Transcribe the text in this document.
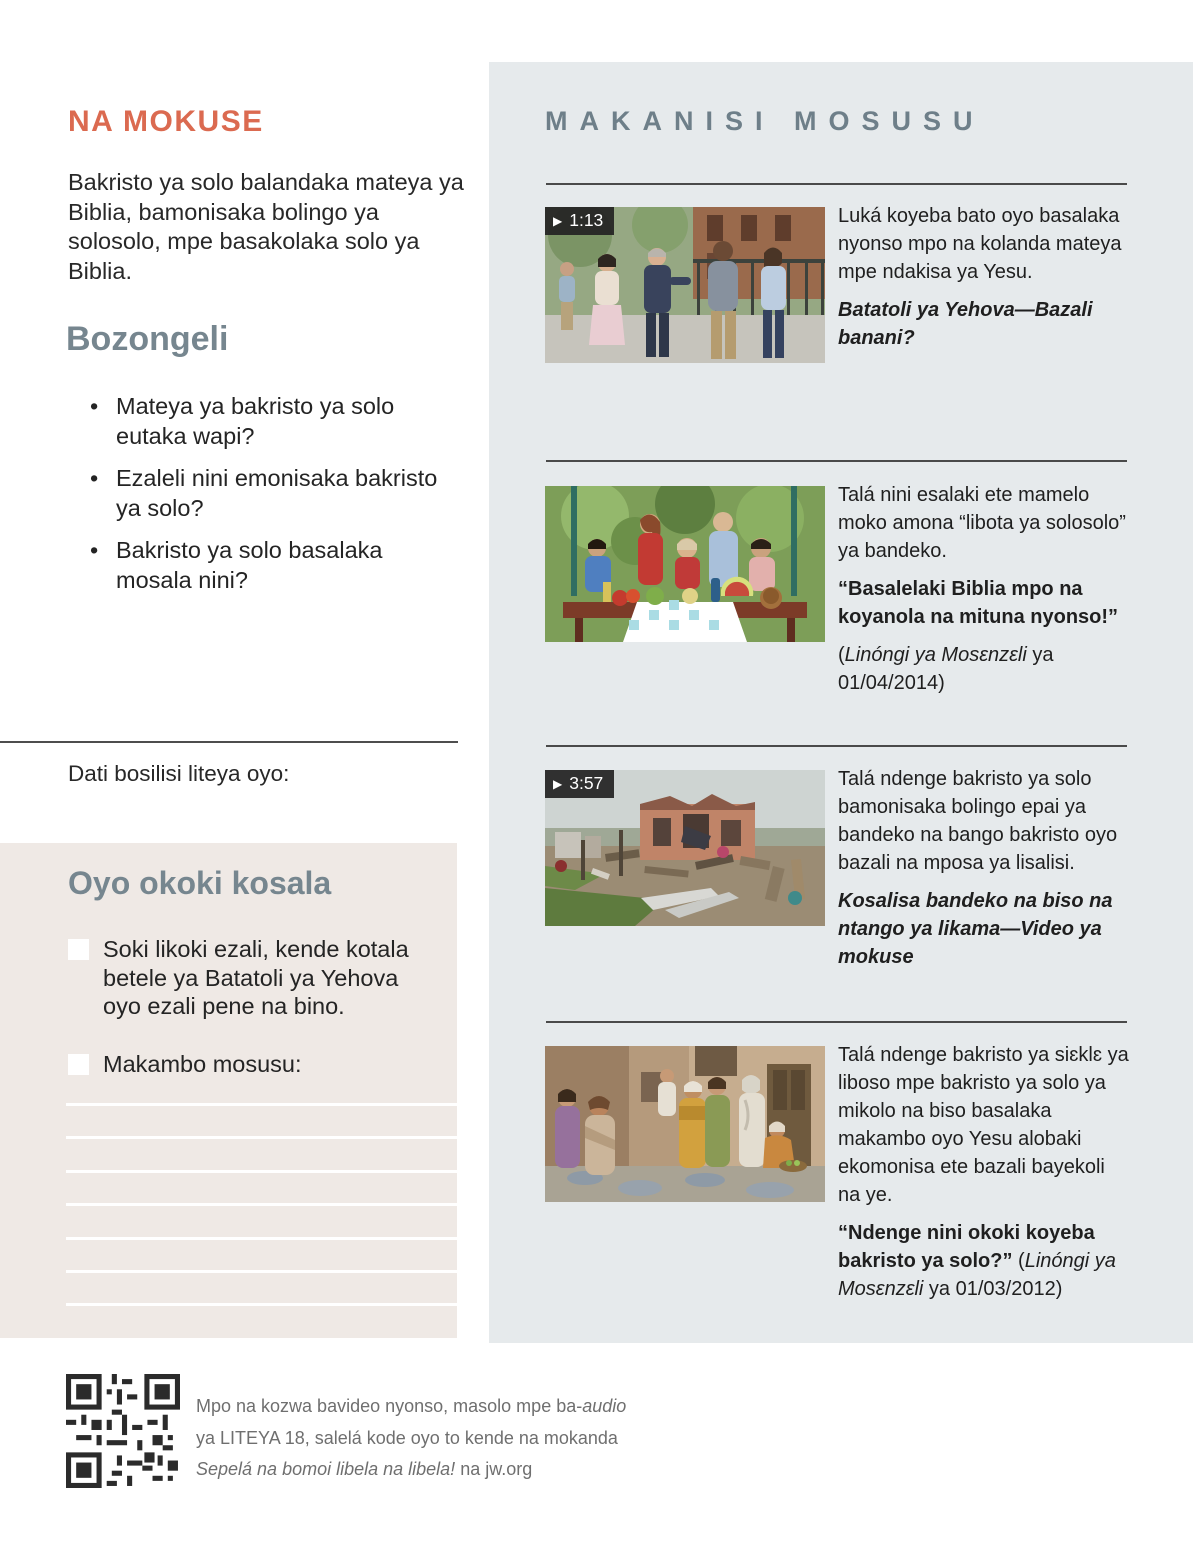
MAKANISI MOSUSU
▶ 1:13	Luká koyeba bato oyo basalaka nyonso mpo na kolanda mateya mpe ndakisa ya Yesu.

Batatoli ya Yehova—Bazali banani?

Talá nini esalaki ete mamelo moko amona “libota ya solosolo” ya bandeko.

“Basalelaki Biblia mpo na koyanola na mituna nyonso!”

(Linóngi ya Mosɛnzɛli ya 01/04/2014)

▶ 3:57	Talá ndenge bakristo ya solo bamonisaka bolingo epai ya bandeko na bango bakristo oyo bazali na mposa ya lisalisi.

Kosalisa bandeko na biso na ntango ya likama—Video ya mokuse

Talá ndenge bakristo ya siɛklɛ ya liboso mpe bakristo ya solo ya mikolo na biso basalaka makambo oyo Yesu alobaki ekomonisa ete bazali bayekoli na ye.

“Ndenge nini okoki koyeba bakristo ya solo?” (Linóngi ya Mosɛnzɛli ya 01/03/2012)

NA MOKUSE
Bakristo ya solo balandaka mateya ya Biblia, bamonisaka bolingo ya solosolo, mpe basakolaka solo ya Biblia.
Bozongeli
• Mateya ya bakristo ya solo eutaka wapi?
• Ezaleli nini emonisaka bakristo ya solo?
• Bakristo ya solo basalaka mosala nini?
Dati bosilisi liteya oyo:
Oyo okoki kosala
Soki likoki ezali, kende kotala betele ya Batatoli ya Yehova oyo ezali pene na bino.
Makambo mosusu:
Mpo na kozwa bavideo nyonso, masolo mpe ba-audio
ya LITEYA 18, salelá kode oyo to kende na mokanda
Sepelá na bomoi libela na libela! na jw.org
